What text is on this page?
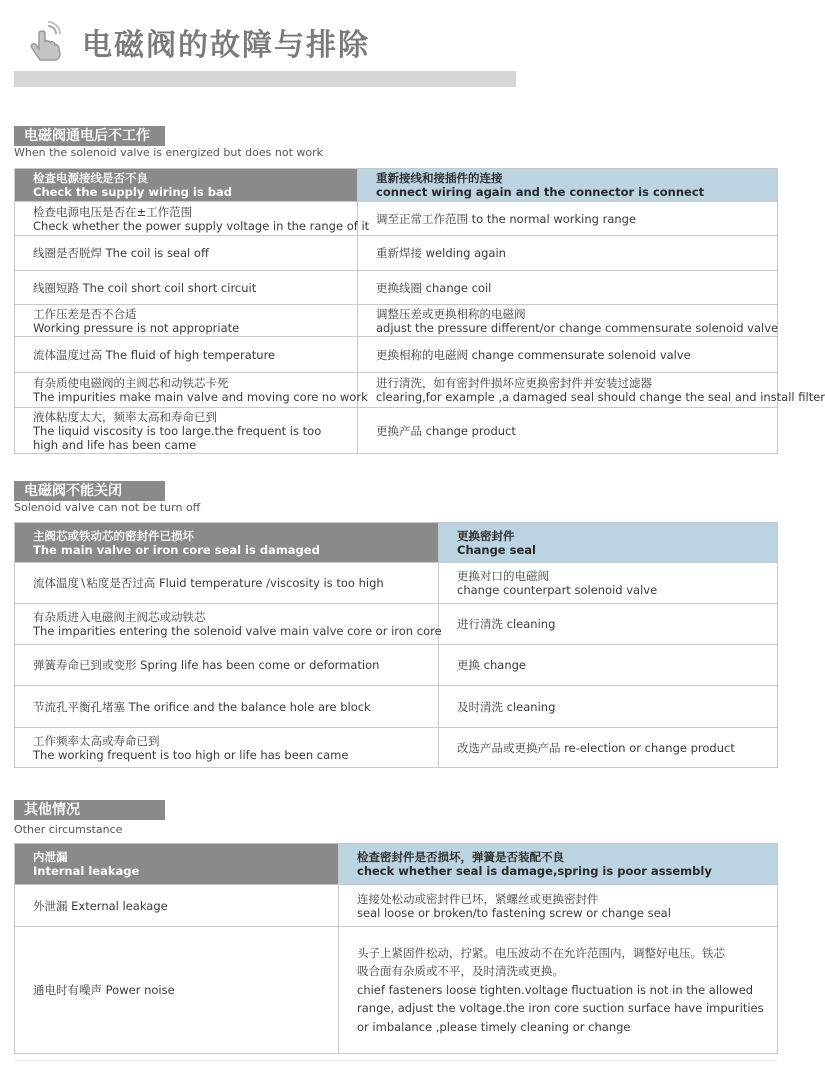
电磁阀的故障与排除
电磁阀通电后不工作
When the solenoid valve is energized but does not work
检查电源接线是否不良
Check the supply wiring is bad	重新接线和接插件的连接
connect wiring again and the connector is connect

检查电源电压是否在±工作范围
Check whether the power supply voltage in the range of it	调至正常工作范围 to the normal working range

线圈是否脱焊 The coil is seal off	重新焊接 welding again

线圈短路 The coil short coil short circuit	更换线圈 change coil

工作压差是否不合适
Working pressure is not appropriate	调整压差或更换相称的电磁阀
adjust the pressure different/or change commensurate solenoid valve

流体温度过高 The fluid of high temperature	更换相称的电磁阀 change commensurate solenoid valve

有杂质使电磁阀的主阀芯和动铁芯卡死
The impurities make main valve and moving core no work	进行清洗，如有密封件损坏应更换密封件并安装过滤器
clearing,for example ,a damaged seal should change the seal and install filter

液体粘度太大，频率太高和寿命已到
The liquid viscosity is too large.the frequent is too
high and life has been came	更换产品 change product
电磁阀不能关闭
Solenoid valve can not be turn off
主阀芯或铁动芯的密封件已损坏
The main valve or iron core seal is damaged	更换密封件
Change seal

流体温度∖粘度是否过高 Fluid temperature /viscosity is too high	更换对口的电磁阀
change counterpart solenoid valve

有杂质进入电磁阀主阀芯或动铁芯
The imparities entering the solenoid valve main valve core or iron core	进行清洗 cleaning

弹簧寿命已到或变形 Spring life has been come or deformation	更换 change

节流孔平衡孔堵塞 The orifice and the balance hole are block	及时清洗 cleaning

工作频率太高或寿命已到
The working frequent is too high or life has been came	改选产品或更换产品 re-election or change product
其他情况
Other circumstance
内泄漏
Internal leakage	检查密封件是否损坏，弹簧是否装配不良
check whether seal is damage,spring is poor assembly

外泄漏 External leakage	连接处松动或密封件已坏，紧螺丝或更换密封件
seal loose or broken/to fastening screw or change seal

通电时有噪声 Power noise	头子上紧固件松动，拧紧。电压波动不在允许范围内，调整好电压。铁芯
吸合面有杂质或不平，及时清洗或更换。
chief fasteners loose tighten.voltage fluctuation is not in the allowed
range, adjust the voltage.the iron core suction surface have impurities
or imbalance ,please timely cleaning or change
